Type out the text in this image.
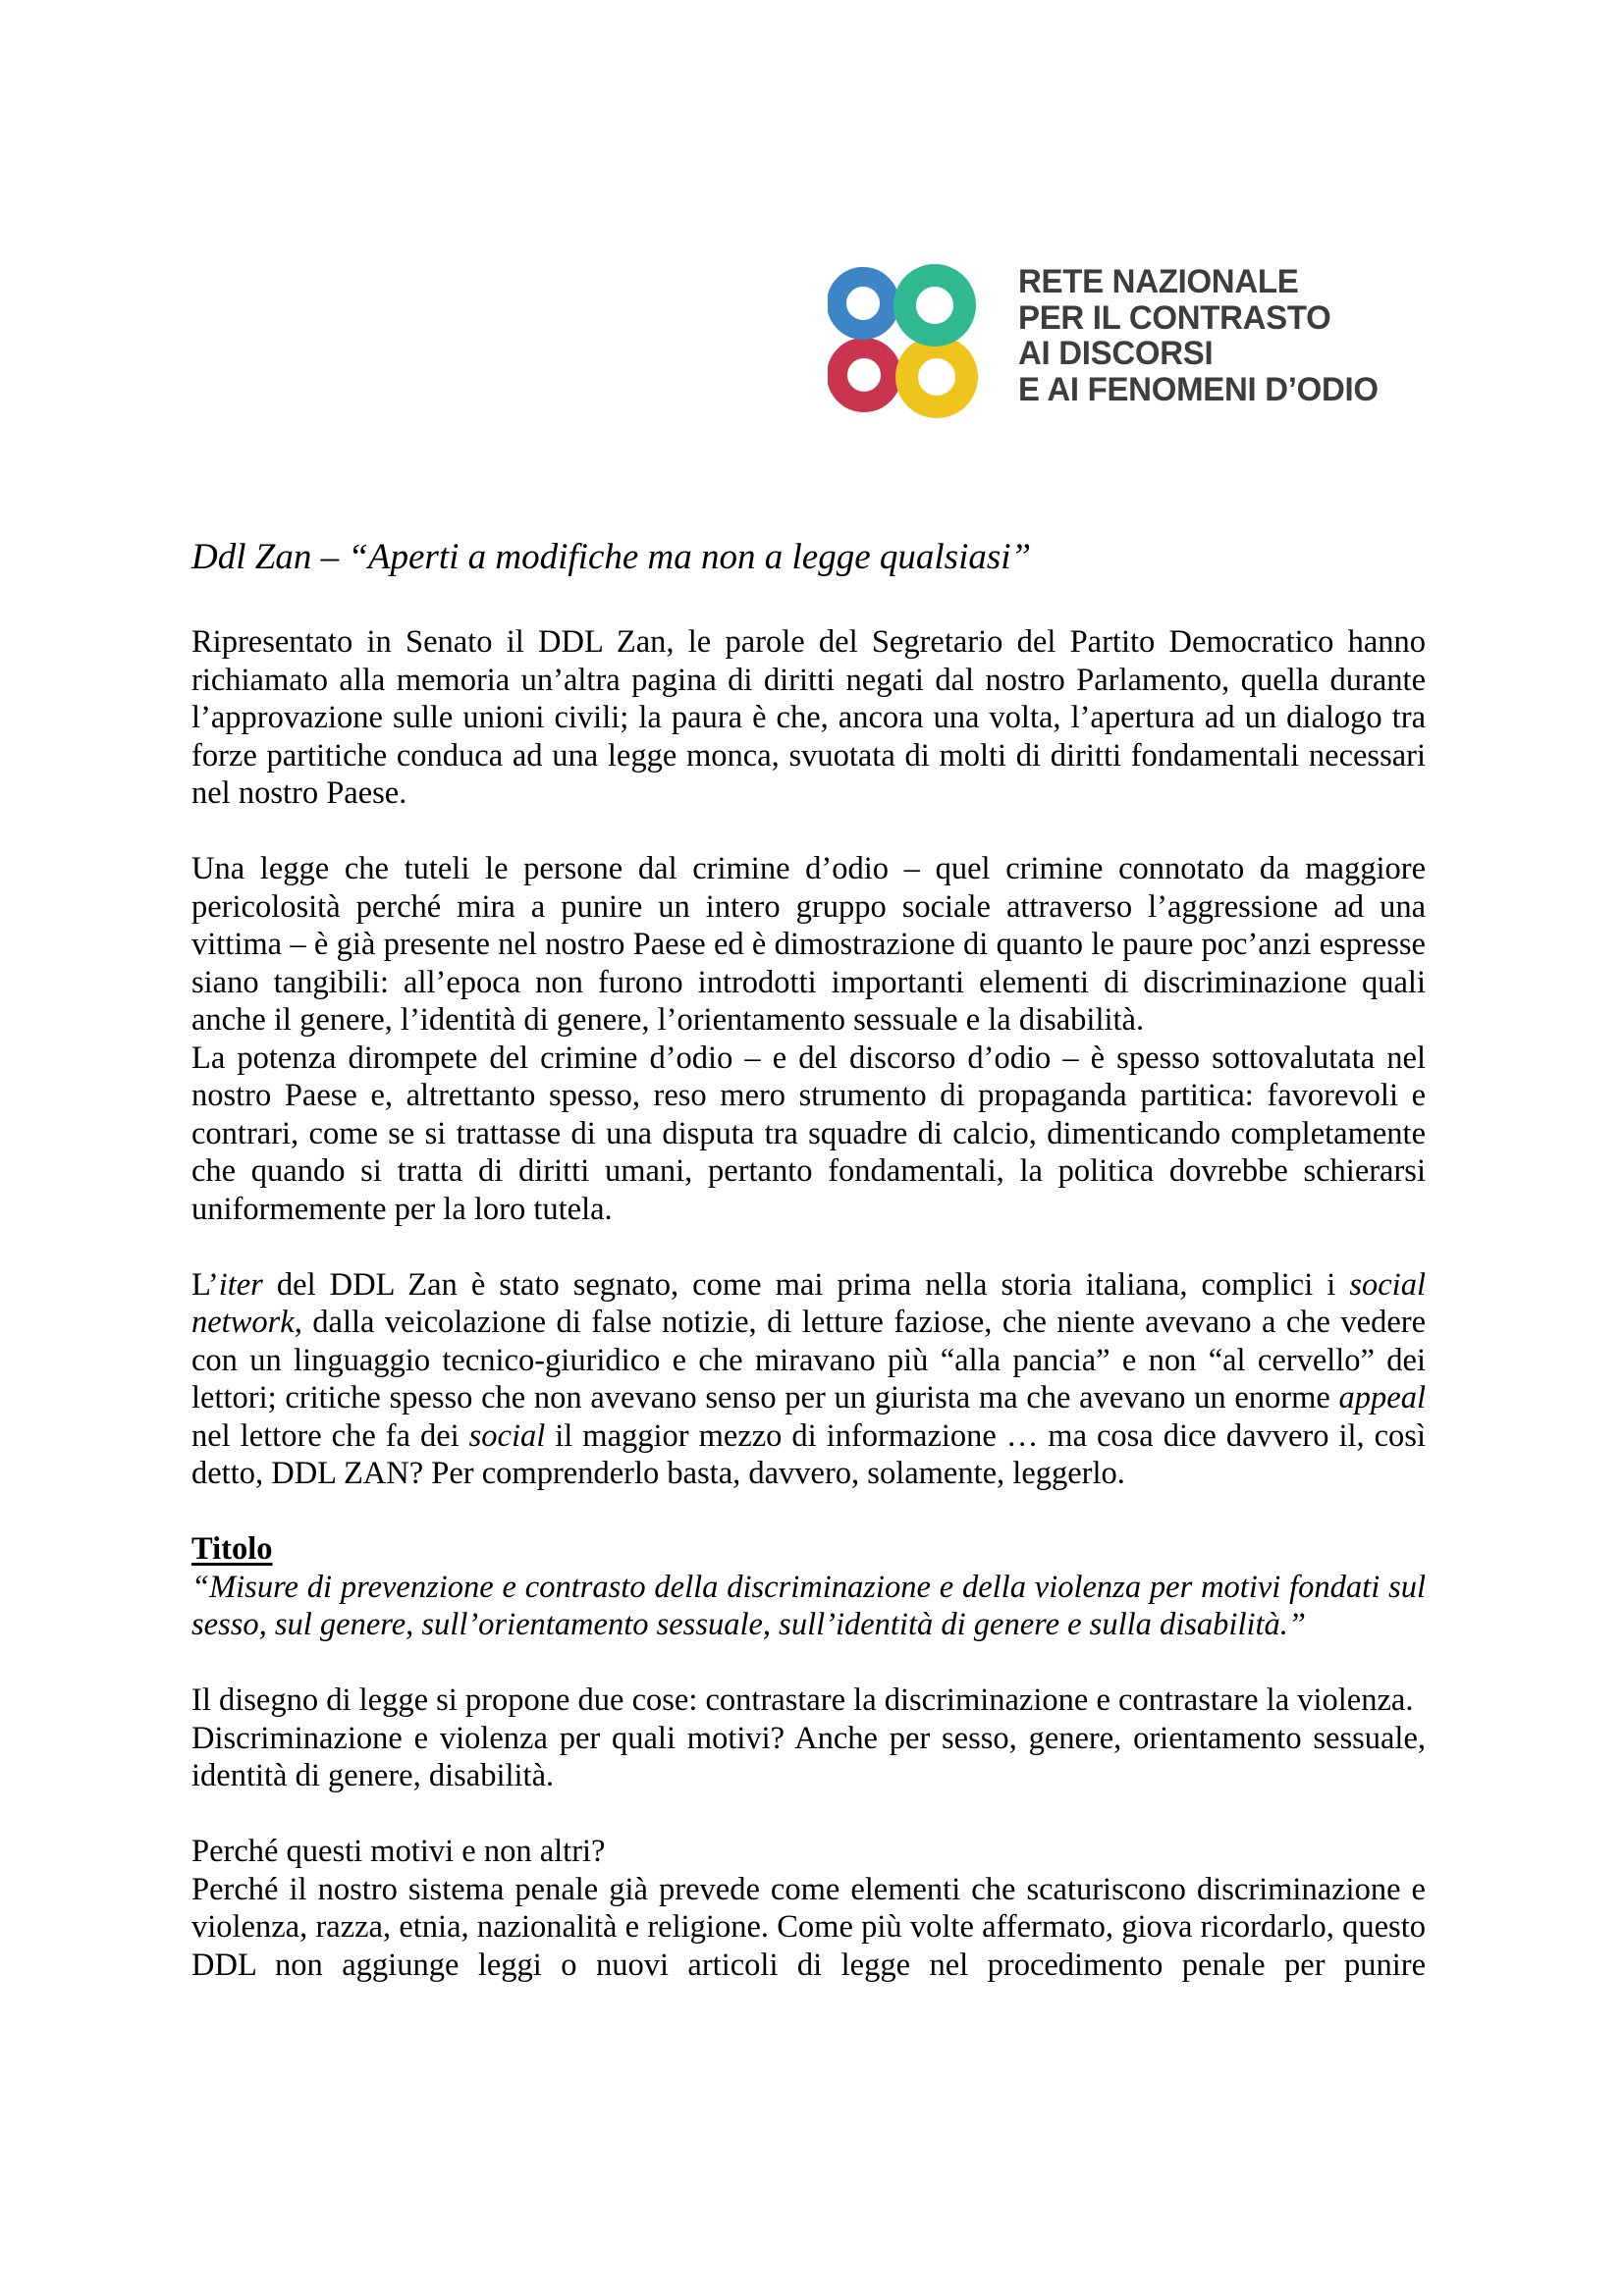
RETE NAZIONALE
PER IL CONTRASTO
AI DISCORSI
E AI FENOMENI D’ODIO
Ddl Zan – “Aperti a modifiche ma non a legge qualsiasi”

Ripresentato in Senato il DDL Zan, le parole del Segretario del Partito Democratico hanno richiamato alla memoria un’altra pagina di diritti negati dal nostro Parlamento, quella durante l’approvazione sulle unioni civili; la paura è che, ancora una volta, l’apertura ad un dialogo tra forze partitiche conduca ad una legge monca, svuotata di molti di diritti fondamentali necessari nel nostro Paese.

Una legge che tuteli le persone dal crimine d’odio – quel crimine connotato da maggiore pericolosità perché mira a punire un intero gruppo sociale attraverso l’aggressione ad una vittima – è già presente nel nostro Paese ed è dimostrazione di quanto le paure poc’anzi espresse siano tangibili: all’epoca non furono introdotti importanti elementi di discriminazione quali anche il genere, l’identità di genere, l’orientamento sessuale e la disabilità.

La potenza dirompete del crimine d’odio – e del discorso d’odio – è spesso sottovalutata nel nostro Paese e, altrettanto spesso, reso mero strumento di propaganda partitica: favorevoli e contrari, come se si trattasse di una disputa tra squadre di calcio, dimenticando completamente che quando si tratta di diritti umani, pertanto fondamentali, la politica dovrebbe schierarsi uniformemente per la loro tutela.

L’iter del DDL Zan è stato segnato, come mai prima nella storia italiana, complici i social network, dalla veicolazione di false notizie, di letture faziose, che niente avevano a che vedere con un linguaggio tecnico-giuridico e che miravano più “alla pancia” e non “al cervello” dei lettori; critiche spesso che non avevano senso per un giurista ma che avevano un enorme appeal nel lettore che fa dei social il maggior mezzo di informazione … ma cosa dice davvero il, così detto, DDL ZAN? Per comprenderlo basta, davvero, solamente, leggerlo.

Titolo

“Misure di prevenzione e contrasto della discriminazione e della violenza per motivi fondati sul sesso, sul genere, sull’orientamento sessuale, sull’identità di genere e sulla disabilità.”

Il disegno di legge si propone due cose: contrastare la discriminazione e contrastare la violenza.

Discriminazione e violenza per quali motivi? Anche per sesso, genere, orientamento sessuale, identità di genere, disabilità.

Perché questi motivi e non altri?

Perché il nostro sistema penale già prevede come elementi che scaturiscono discriminazione e violenza, razza, etnia, nazionalità e religione. Come più volte affermato, giova ricordarlo, questo DDL non aggiunge leggi o nuovi articoli di legge nel procedimento penale per punire
